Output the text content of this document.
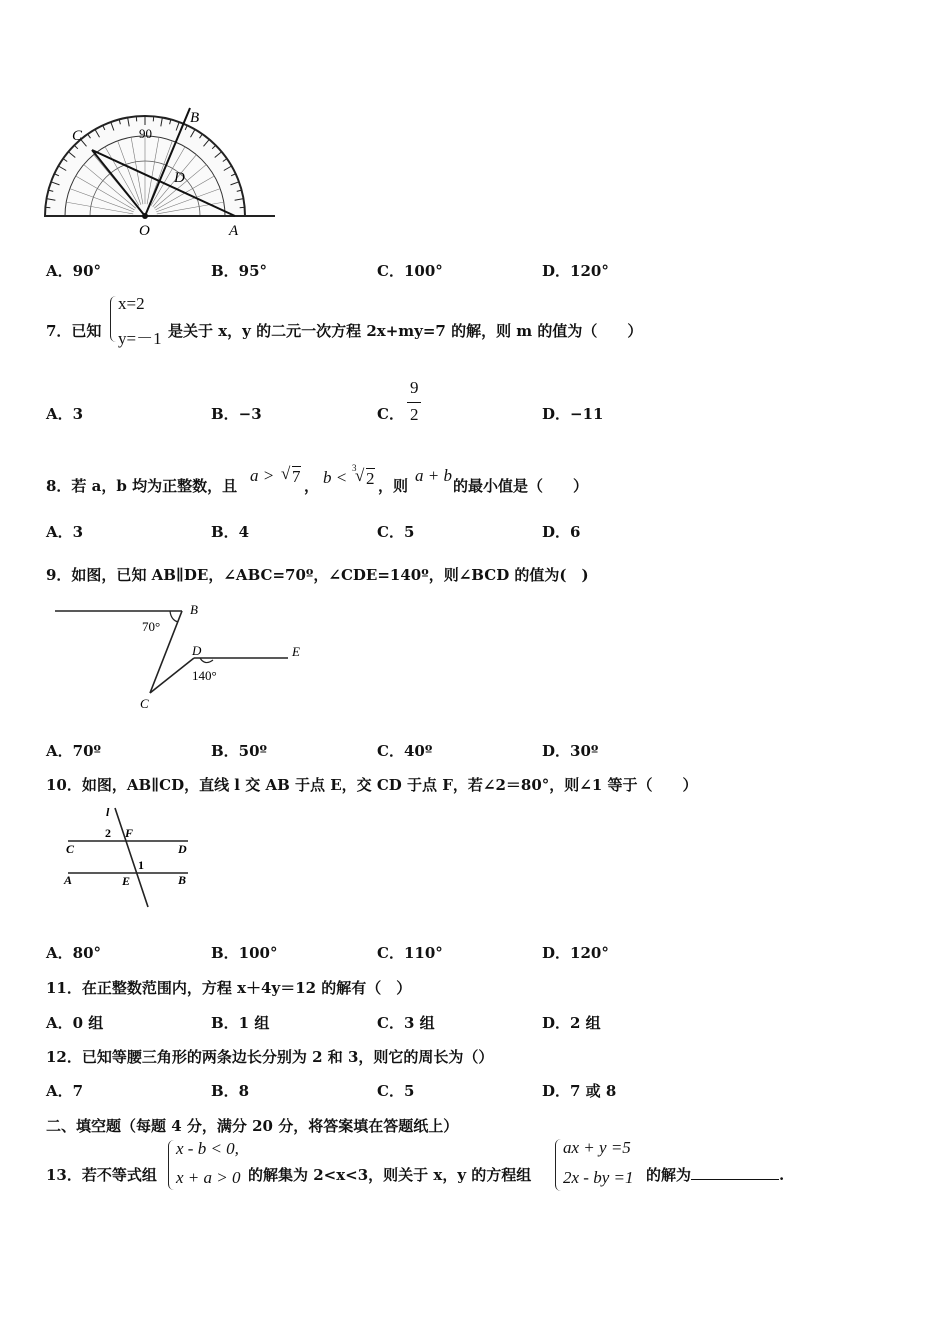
C	90
B
D
O	A
A．90°	B．95°	C．100°	D．120°
7．已知
x=2
y=－1 是关于 x，y 的二元一次方程 2x+my=7 的解，则 m 的值为（　　）
A．3	B．−3	C．
9
2	D．−11
8．若 a，b 均为正整数，且
a > √ 7 ， b < 3
√ 2 ，则
a + b
的最小值是（　　）
A．3	B．4	C．5	D．6
9．如图，已知 AB∥DE，∠ABC=70º，∠CDE=140º，则∠BCD 的值为(　)
B
70°
D	E
140°
C
A．70º	B．50º	C．40º	D．30º
10．如图，AB∥CD，直线 l 交 AB 于点 E，交 CD 于点 F，若∠2＝80°，则∠1 等于（　　）
l
2 F
C	D
1
A	E	B
A．80°	B．100°	C．110°	D．120°
11．在正整数范围内，方程 x＋4y＝12 的解有（　）
A．0 组	B．1 组	C．3 组	D．2 组
12．已知等腰三角形的两条边长分别为 2 和 3，则它的周长为（）
A．7	B．8	C．5	D．7 或 8
二、填空题（每题 4 分，满分 20 分，将答案填在答题纸上）
13．若不等式组
x - b < 0,
x + a > 0 的解集为 2<x<3，则关于 x，y 的方程组
ax + y =5
2x - by =1 的解为	.
